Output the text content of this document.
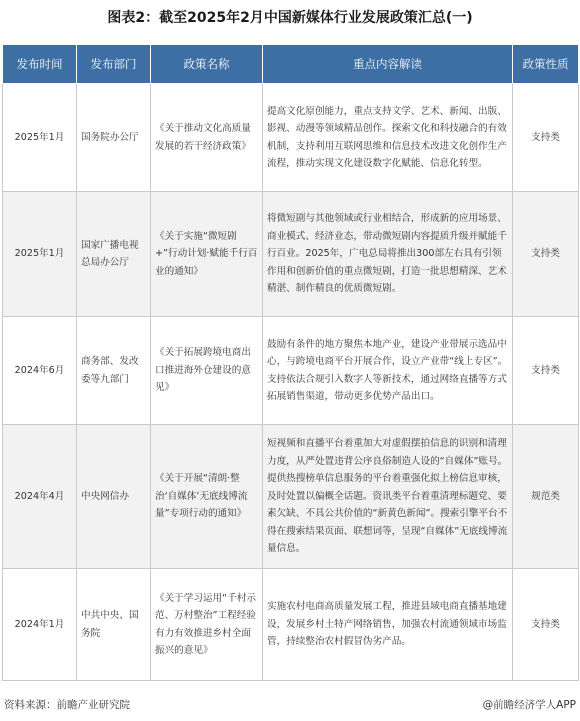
图表2：截至2025年2月中国新媒体行业发展政策汇总(一)
发布时间	发布部门	政策名称	重点内容解读	政策性质
2025年1月	国务院办公厅	《关于推动文化高质量发展的若干经济政策》	提高文化原创能力，重点支持文学、艺术、新闻、出版、影视、动漫等领域精品创作。探索文化和科技融合的有效机制，支持利用互联网思维和信息技术改进文化创作生产流程，推动实现文化建设数字化赋能、信息化转型。	支持类
2025年1月	国家广播电视总局办公厅	《关于实施“微短剧+”行动计划·赋能千行百业的通知》	将微短剧与其他领域或行业相结合，形成新的应用场景、商业模式、经济业态，带动微短剧内容提质升级并赋能千行百业。2025年，广电总局将推出300部左右具有引领作用和创新价值的重点微短剧，打造一批思想精深、艺术精湛、制作精良的优质微短剧。	支持类
2024年6月	商务部、发改委等九部门	《关于拓展跨境电商出口推进海外仓建设的意见》	鼓励有条件的地方聚焦本地产业，建设产业带展示选品中心，与跨境电商平台开展合作，设立产业带“线上专区”。支持依法合规引入数字人等新技术，通过网络直播等方式拓展销售渠道，带动更多优势产品出口。	支持类
2024年4月	中央网信办	《关于开展“清朗·整治‘自媒体’无底线博流量”专项行动的通知》	短视频和直播平台着重加大对虚假摆拍信息的识别和清理力度，从严处置违背公序良俗制造人设的“自媒体”账号。提供热搜榜单信息服务的平台着重强化拟上榜信息审核，及时处置以偏概全话题。资讯类平台着重清理标题党、要素欠缺、不具公共价值的“新黄色新闻”。搜索引擎平台不得在搜索结果页面、联想词等，呈现“自媒体”无底线博流量信息。	规范类
2024年1月	中共中央、国务院	《关于学习运用“千村示范、万村整治”工程经验有力有效推进乡村全面振兴的意见》	实施农村电商高质量发展工程，推进县域电商直播基地建设，发展乡村土特产网络销售，加强农村流通领域市场监管，持续整治农村假冒伪劣产品。	支持类
资料来源：前瞻产业研究院	@前瞻经济学人APP
